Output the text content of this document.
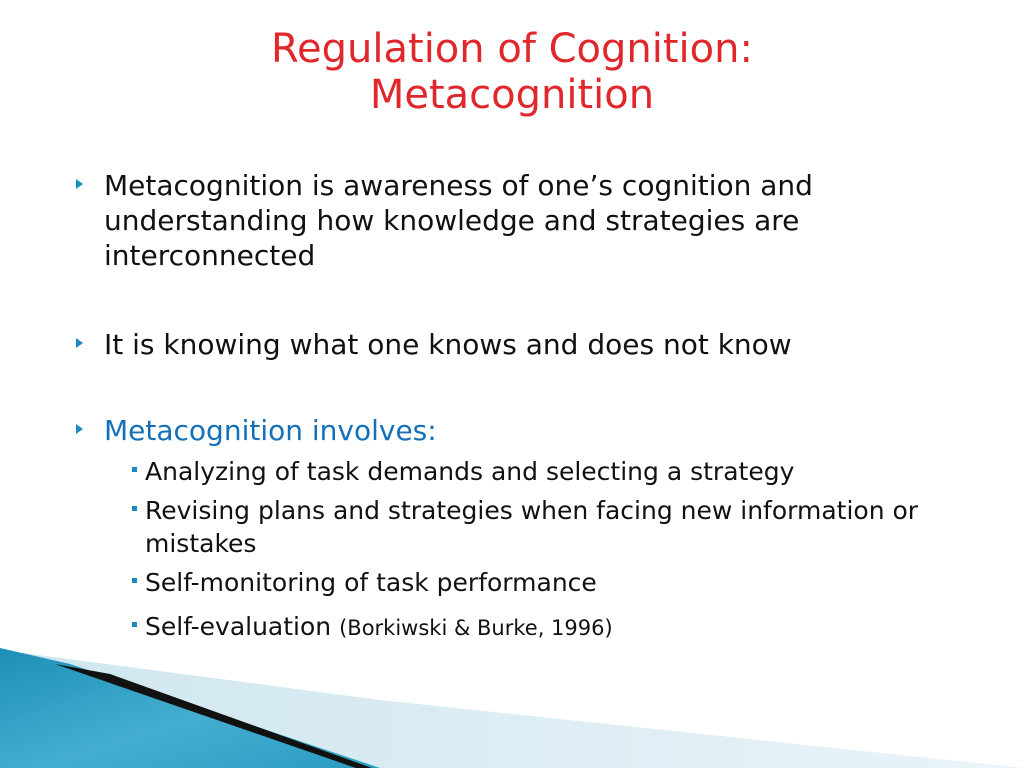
Regulation of Cognition:
Metacognition
Metacognition is awareness of one’s cognition and understanding how knowledge and strategies are interconnected
It is knowing what one knows and does not know
Metacognition involves:
Analyzing of task demands and selecting a strategy
Revising plans and strategies when facing new information or mistakes
Self-monitoring of task performance
Self-evaluation (Borkiwski & Burke, 1996)
